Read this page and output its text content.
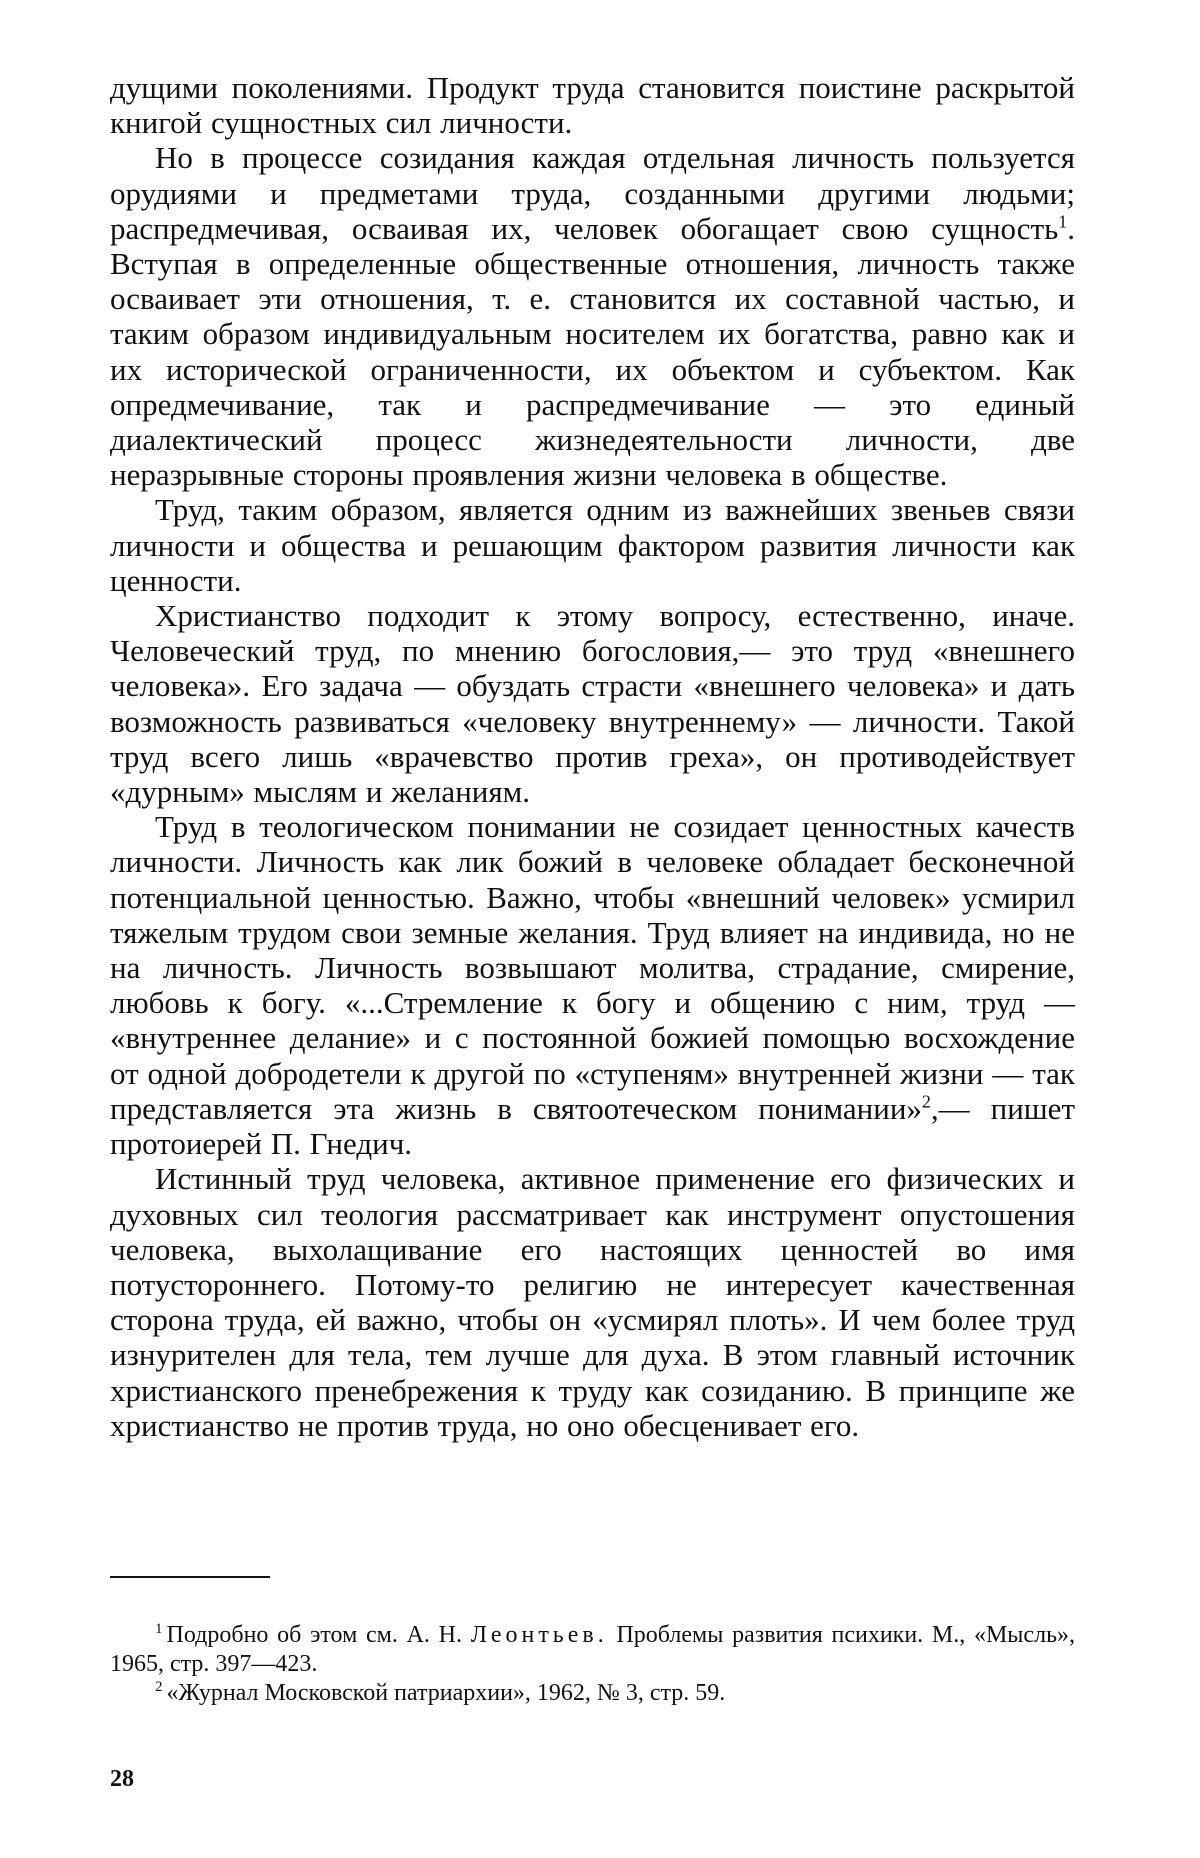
дущими поколениями. Продукт труда становится поистине раскрытой книгой сущностных сил личности.

Но в процессе созидания каждая отдельная личность пользуется орудиями и предметами труда, созданными другими людьми; распредмечивая, осваивая их, человек обогащает свою сущность$^1$. Вступая в определенные общественные отношения, личность также осваивает эти отношения, т. е. становится их составной частью, и таким образом индивидуальным носителем их богатства, равно как и их исторической ограниченности, их объектом и субъектом. Как опредмечивание, так и распредмечивание — это единый диалектический процесс жизнедеятельности личности, две неразрывные стороны проявления жизни человека в обществе.

Труд, таким образом, является одним из важнейших звеньев связи личности и общества и решающим фактором развития личности как ценности.

Христианство подходит к этому вопросу, естественно, иначе. Человеческий труд, по мнению богословия,— это труд «внешнего человека». Его задача — обуздать страсти «внешнего человека» и дать возможность развиваться «человеку внутреннему» — личности. Такой труд всего лишь «врачевство против греха», он противодействует «дурным» мыслям и желаниям.

Труд в теологическом понимании не созидает ценностных качеств личности. Личность как лик божий в человеке обладает бесконечной потенциальной ценностью. Важно, чтобы «внешний человек» усмирил тяжелым трудом свои земные желания. Труд влияет на индивида, но не на личность. Личность возвышают молитва, страдание, смирение, любовь к богу. «...Стремление к богу и общению с ним, труд — «внутреннее делание» и с постоянной божией помощью восхождение от одной добродетели к другой по «ступеням» внутренней жизни — так представляется эта жизнь в святоотеческом понимании»$^2$,— пишет протоиерей П. Гнедич.

Истинный труд человека, активное применение его физических и духовных сил теология рассматривает как инструмент опустошения человека, выхолащивание его настоящих ценностей во имя потустороннего. Потому-то религию не интересует качественная сторона труда, ей важно, чтобы он «усмирял плоть». И чем более труд изнурителен для тела, тем лучше для духа. В этом главный источник христианского пренебрежения к труду как созиданию. В принципе же христианство не против труда, но оно обесценивает его.

$^1$ Подробно об этом см. А. Н. Леонтьев. Проблемы развития психики. М., «Мысль», 1965, стр. 397—423.

$^2$ «Журнал Московской патриархии», 1962, № 3, стр. 59.

28
